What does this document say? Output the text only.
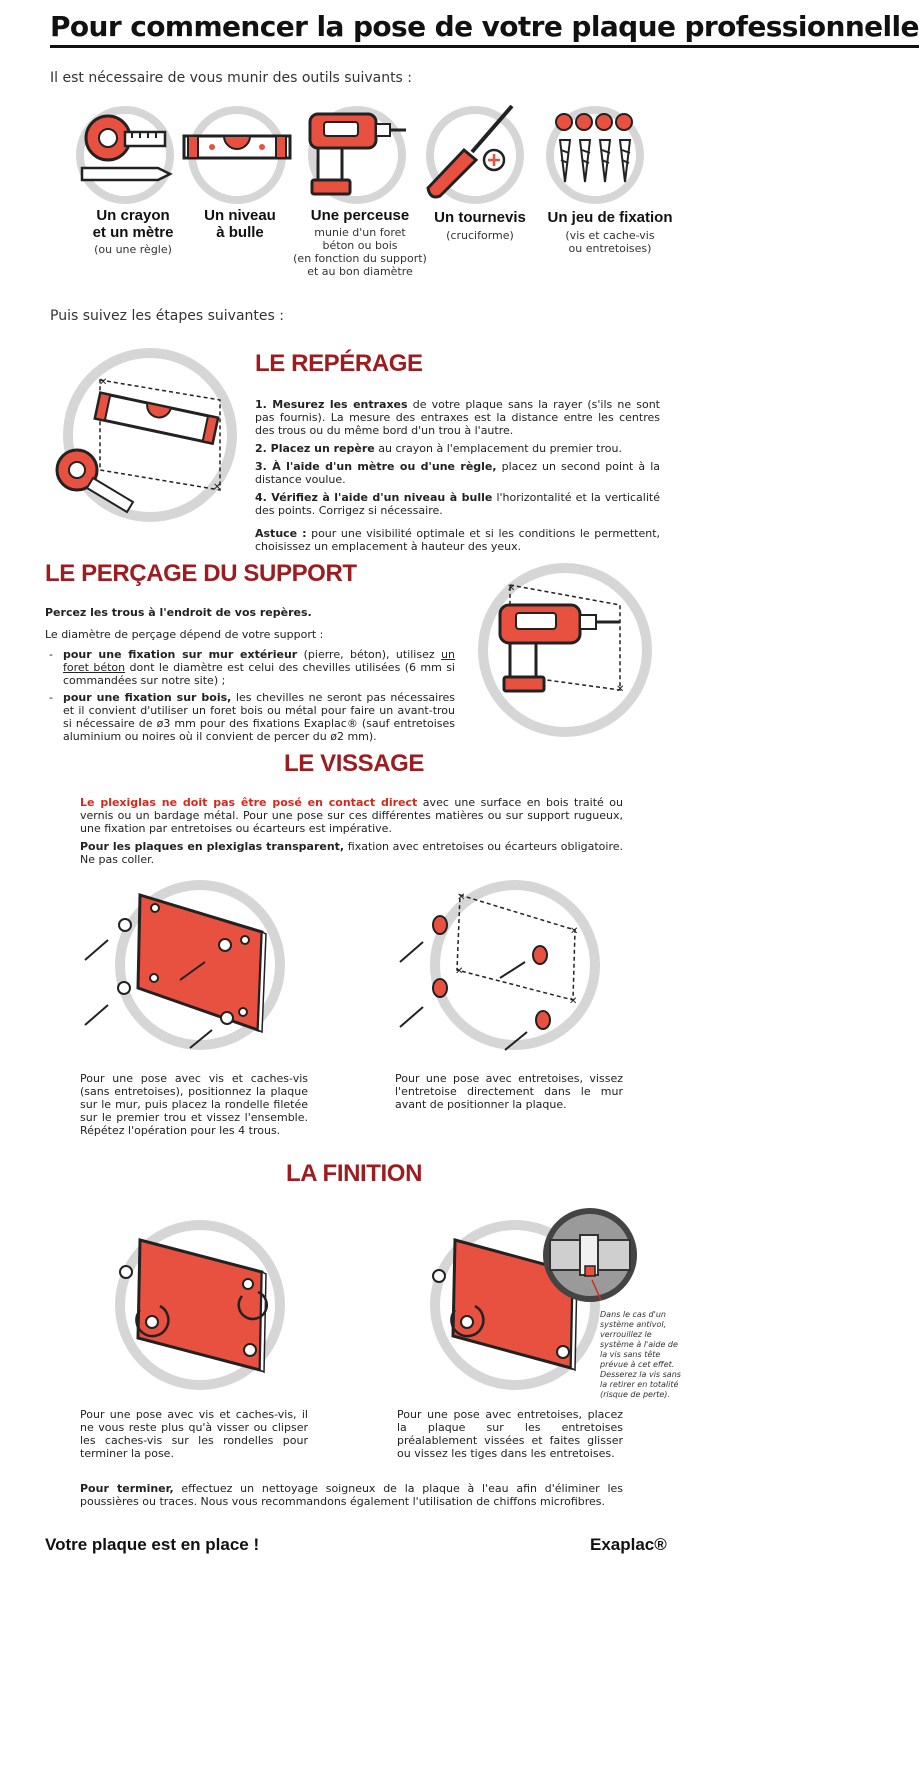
Pour commencer la pose de votre plaque professionnelle
Il est nécessaire de vous munir des outils suivants :
Un crayon
et un mètre
(ou une règle)
Un niveau
à bulle
Une perceuse
munie d'un foret
béton ou bois
(en fonction du support)
et au bon diamètre
Un tournevis
(cruciforme)
Un jeu de fixation
(vis et cache-vis
ou entretoises)
Puis suivez les étapes suivantes :
✕
✕
LE REPÉRAGE

1. Mesurez les entraxes de votre plaque sans la rayer (s'ils ne sont pas fournis). La mesure des entraxes est la distance entre les centres des trous ou du même bord d'un trou à l'autre.

2. Placez un repère au crayon à l'emplacement du premier trou.

3. À l'aide d'un mètre ou d'une règle, placez un second point à la distance voulue.

4. Vérifiez à l'aide d'un niveau à bulle l'horizontalité et la verticalité des points. Corrigez si nécessaire.

Astuce : pour une visibilité optimale et si les conditions le permettent, choisissez un emplacement à hauteur des yeux.

LE PERÇAGE DU SUPPORT

Percez les trous à l'endroit de vos repères.

Le diamètre de perçage dépend de votre support :

- pour une fixation sur mur extérieur (pierre, béton), utilisez un foret béton dont le diamètre est celui des chevilles utilisées (6 mm si commandées sur notre site) ;
- pour une fixation sur bois, les chevilles ne seront pas nécessaires et il convient d'utiliser un foret bois ou métal pour faire un avant-trou si nécessaire de ø3 mm pour des fixations Exaplac® (sauf entretoises aluminium ou noires où il convient de percer du ø2 mm).
✕
✕
LE VISSAGE

Le plexiglas ne doit pas être posé en contact direct avec une surface en bois traité ou vernis ou un bardage métal. Pour une pose sur ces différentes matières ou sur support rugueux, une fixation par entretoises ou écarteurs est impérative.

Pour les plaques en plexiglas transparent, fixation avec entretoises ou écarteurs obligatoire. Ne pas coller.

✕
✕
✕
✕
Pour une pose avec vis et caches-vis (sans entretoises), positionnez la plaque sur le mur, puis placez la rondelle filetée sur le premier trou et vissez l'ensemble. Répétez l'opération pour les 4 trous.
Pour une pose avec entretoises, vissez l'entretoise directement dans le mur avant de positionner la plaque.
LA FINITION
Dans le cas d'un système antivol, verrouillez le système à l'aide de la vis sans tête prévue à cet effet. Desserez la vis sans la retirer en totalité (risque de perte).
Pour une pose avec vis et caches-vis, il ne vous reste plus qu'à visser ou clipser les caches-vis sur les rondelles pour terminer la pose.
Pour une pose avec entretoises, placez la plaque sur les entretoises préalablement vissées et faites glisser ou vissez les tiges dans les entretoises.
Pour terminer, effectuez un nettoyage soigneux de la plaque à l'eau afin d'éliminer les poussières ou traces. Nous vous recommandons également l'utilisation de chiffons microfibres.
Votre plaque est en place !	Exaplac®
